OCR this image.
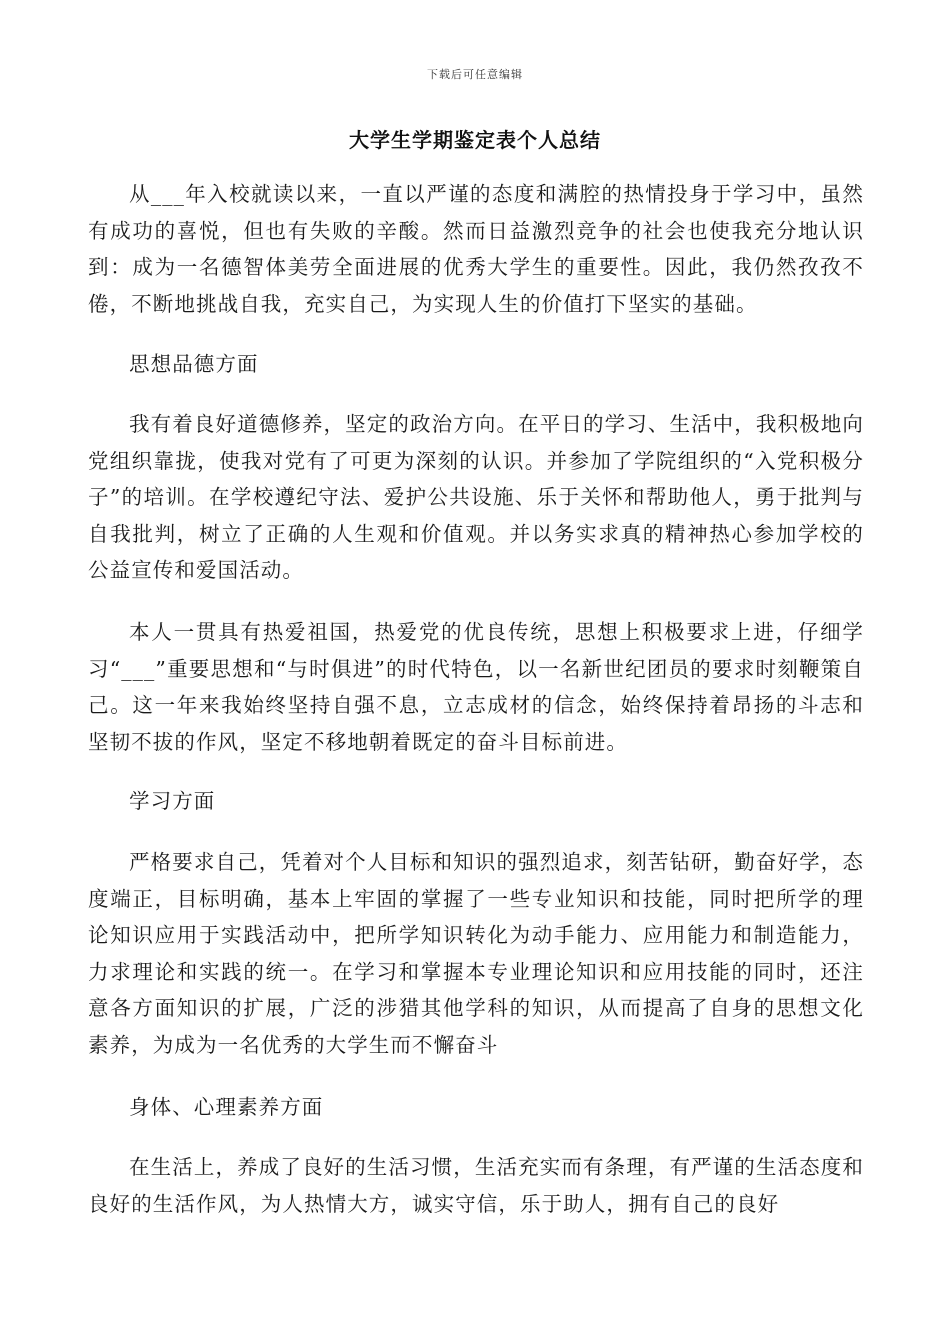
下载后可任意编辑
大学生学期鉴定表个人总结

从___年入校就读以来，一直以严谨的态度和满腔的热情投身于学习中，虽然有成功的喜悦，但也有失败的辛酸。然而日益激烈竞争的社会也使我充分地认识到：成为一名德智体美劳全面进展的优秀大学生的重要性。因此，我仍然孜孜不倦，不断地挑战自我，充实自己，为实现人生的价值打下坚实的基础。

思想品德方面

我有着良好道德修养，坚定的政治方向。在平日的学习、生活中，我积极地向党组织靠拢，使我对党有了可更为深刻的认识。并参加了学院组织的“入党积极分子”的培训。在学校遵纪守法、爱护公共设施、乐于关怀和帮助他人，勇于批判与自我批判，树立了正确的人生观和价值观。并以务实求真的精神热心参加学校的公益宣传和爱国活动。

本人一贯具有热爱祖国，热爱党的优良传统，思想上积极要求上进，仔细学习“___”重要思想和“与时俱进”的时代特色，以一名新世纪团员的要求时刻鞭策自己。这一年来我始终坚持自强不息，立志成材的信念，始终保持着昂扬的斗志和坚韧不拔的作风，坚定不移地朝着既定的奋斗目标前进。

学习方面

严格要求自己，凭着对个人目标和知识的强烈追求，刻苦钻研，勤奋好学，态度端正，目标明确，基本上牢固的掌握了一些专业知识和技能，同时把所学的理论知识应用于实践活动中，把所学知识转化为动手能力、应用能力和制造能力，力求理论和实践的统一。在学习和掌握本专业理论知识和应用技能的同时，还注意各方面知识的扩展，广泛的涉猎其他学科的知识，从而提高了自身的思想文化素养，为成为一名优秀的大学生而不懈奋斗

身体、心理素养方面

在生活上，养成了良好的生活习惯，生活充实而有条理，有严谨的生活态度和良好的生活作风，为人热情大方，诚实守信，乐于助人，拥有自己的良好
